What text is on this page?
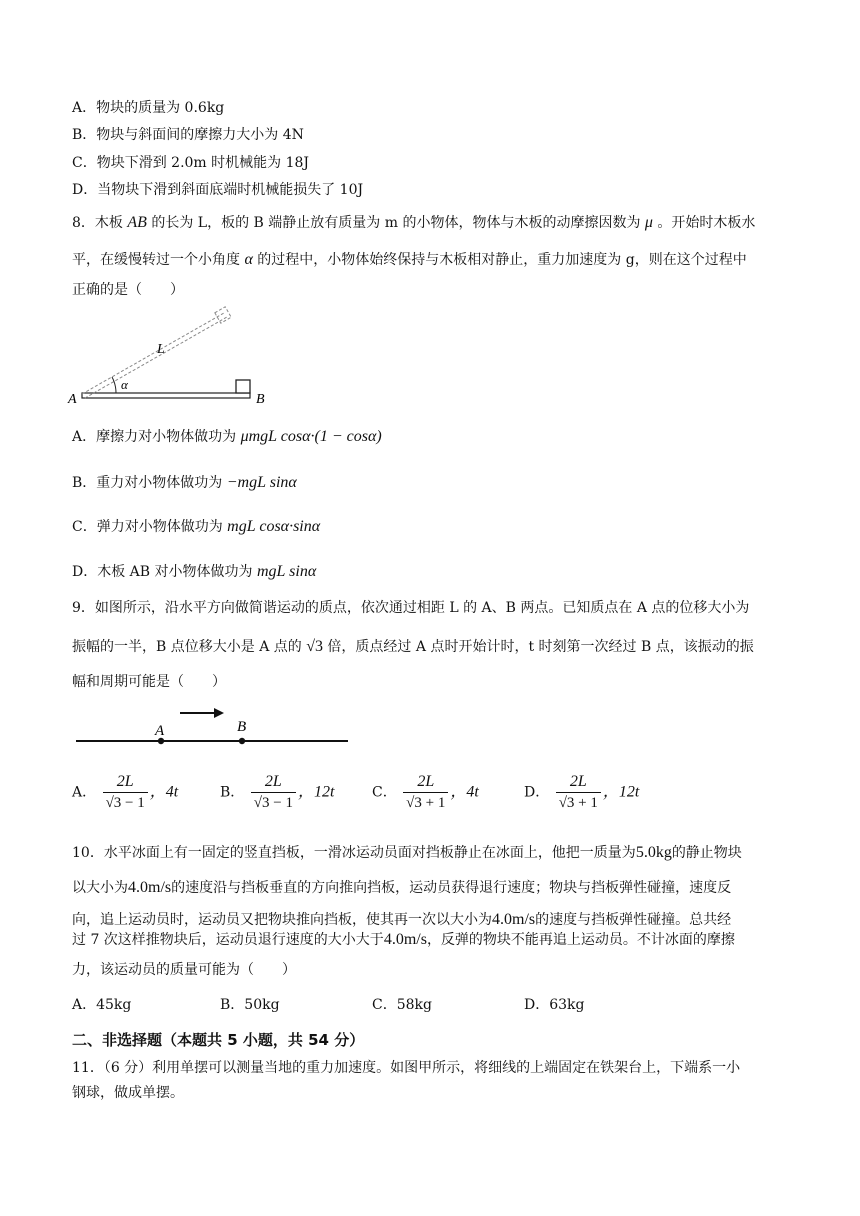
A．物块的质量为 0.6kg
B．物块与斜面间的摩擦力大小为 4N
C．物块下滑到 2.0m 时机械能为 18J
D．当物块下滑到斜面底端时机械能损失了 10J
8．木板 AB 的长为 L，板的 B 端静止放有质量为 m 的小物体，物体与木板的动摩擦因数为 μ 。开始时木板水
平，在缓慢转过一个小角度 α 的过程中，小物体始终保持与木板相对静止，重力加速度为 g，则在这个过程中
正确的是（　　）
α
L
A	B
A．摩擦力对小物体做功为 μmgL cosα·(1 − cosα)
B．重力对小物体做功为 −mgL sinα
C．弹力对小物体做功为 mgL cosα·sinα
D．木板 AB 对小物体做功为 mgL sinα
9．如图所示，沿水平方向做简谐运动的质点，依次通过相距 L 的 A、B 两点。已知质点在 A 点的位移大小为
振幅的一半，B 点位移大小是 A 点的 √3 倍，质点经过 A 点时开始计时，t 时刻第一次经过 B 点，该振动的振
幅和周期可能是（　　）
A	B
A． $\frac{2L}{√3 - 1}$ ，4t	B． $\frac{2L}{√3 - 1}$ ，12t	C． $\frac{2L}{√3 + 1}$ ，4t	D． $\frac{2L}{√3 + 1}$ ，12t
10．水平冰面上有一固定的竖直挡板，一滑冰运动员面对挡板静止在冰面上，他把一质量为5.0kg的静止物块
以大小为4.0m/s的速度沿与挡板垂直的方向推向挡板，运动员获得退行速度；物块与挡板弹性碰撞，速度反
向，追上运动员时，运动员又把物块推向挡板，使其再一次以大小为4.0m/s的速度与挡板弹性碰撞。总共经
过 7 次这样推物块后，运动员退行速度的大小大于4.0m/s，反弹的物块不能再追上运动员。不计冰面的摩擦
力，该运动员的质量可能为（　　）
A．45kg	B．50kg	C．58kg	D．63kg
二、非选择题（本题共 5 小题，共 54 分）
11．（6 分）利用单摆可以测量当地的重力加速度。如图甲所示，将细线的上端固定在铁架台上，下端系一小
钢球，做成单摆。
